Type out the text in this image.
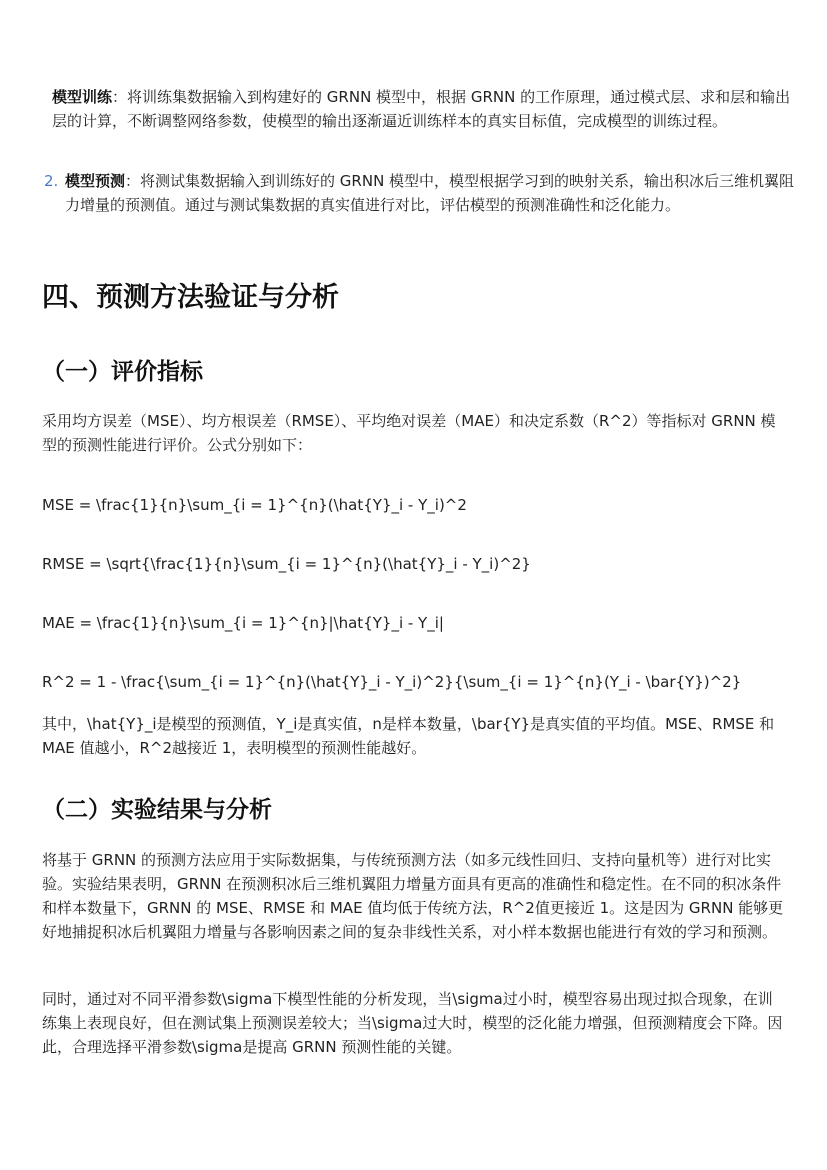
模型训练：将训练集数据输入到构建好的 GRNN 模型中，根据 GRNN 的工作原理，通过模式层、求和层和输出层的计算，不断调整网络参数，使模型的输出逐渐逼近训练样本的真实目标值，完成模型的训练过程。
2. 模型预测：将测试集数据输入到训练好的 GRNN 模型中，模型根据学习到的映射关系，输出积冰后三维机翼阻力增量的预测值。通过与测试集数据的真实值进行对比，评估模型的预测准确性和泛化能力。
四、预测方法验证与分析
（一）评价指标
采用均方误差（MSE）、均方根误差（RMSE）、平均绝对误差（MAE）和决定系数（R^2）等指标对 GRNN 模型的预测性能进行评价。公式分别如下：
MSE = \frac{1}{n}\sum_{i = 1}^{n}(\hat{Y}_i - Y_i)^2
RMSE = \sqrt{\frac{1}{n}\sum_{i = 1}^{n}(\hat{Y}_i - Y_i)^2}
MAE = \frac{1}{n}\sum_{i = 1}^{n}|\hat{Y}_i - Y_i|
R^2 = 1 - \frac{\sum_{i = 1}^{n}(\hat{Y}_i - Y_i)^2}{\sum_{i = 1}^{n}(Y_i - \bar{Y})^2}
其中，\hat{Y}_i是模型的预测值，Y_i是真实值，n是样本数量，\bar{Y}是真实值的平均值。MSE、RMSE 和 MAE 值越小，R^2越接近 1，表明模型的预测性能越好。
（二）实验结果与分析
将基于 GRNN 的预测方法应用于实际数据集，与传统预测方法（如多元线性回归、支持向量机等）进行对比实验。实验结果表明，GRNN 在预测积冰后三维机翼阻力增量方面具有更高的准确性和稳定性。在不同的积冰条件和样本数量下，GRNN 的 MSE、RMSE 和 MAE 值均低于传统方法，R^2值更接近 1。这是因为 GRNN 能够更好地捕捉积冰后机翼阻力增量与各影响因素之间的复杂非线性关系，对小样本数据也能进行有效的学习和预测。
同时，通过对不同平滑参数\sigma下模型性能的分析发现，当\sigma过小时，模型容易出现过拟合现象，在训练集上表现良好，但在测试集上预测误差较大；当\sigma过大时，模型的泛化能力增强，但预测精度会下降。因此，合理选择平滑参数\sigma是提高 GRNN 预测性能的关键。
